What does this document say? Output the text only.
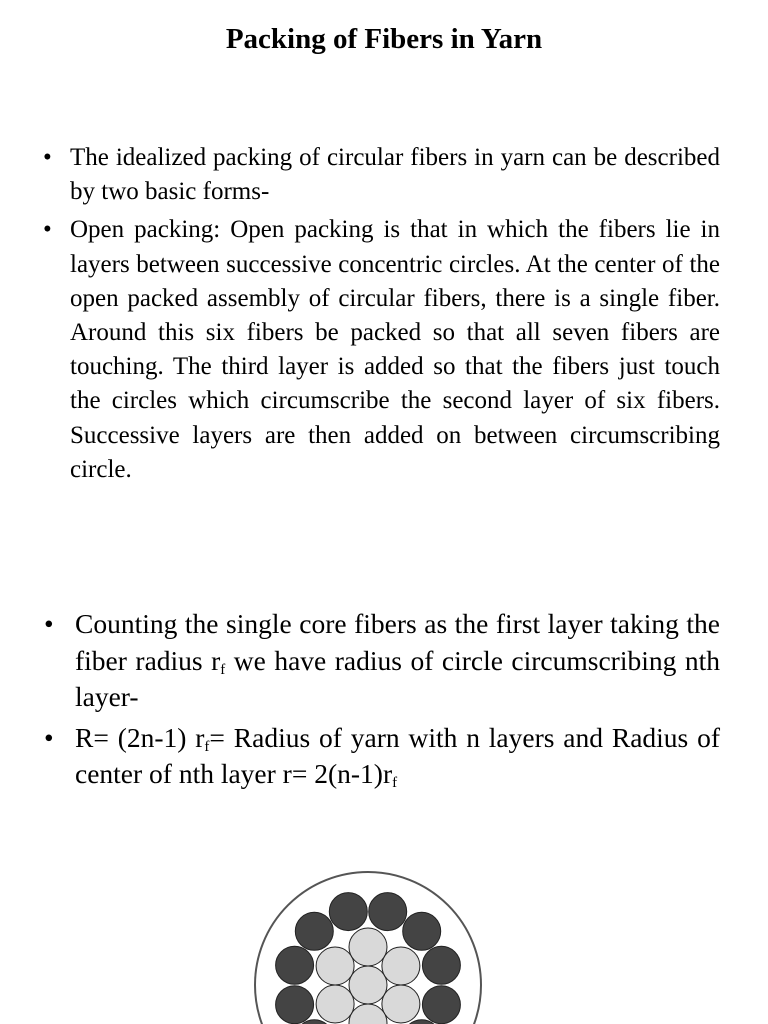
Packing of Fibers in Yarn
• The idealized packing of circular fibers in yarn can be described by two basic forms-
• Open packing: Open packing is that in which the fibers lie in layers between successive concentric circles. At the center of the open packed assembly of circular fibers, there is a single fiber. Around this six fibers be packed so that all seven fibers are touching. The third layer is added so that the fibers just touch the circles which circumscribe the second layer of six fibers. Successive layers are then added on between circumscribing circle.
• Counting the single core fibers as the first layer taking the fiber radius $r_f$ we have radius of circle circumscribing nth layer-
• R= (2n-1) $r_f=$ Radius of yarn with n layers and Radius of center of nth layer $r= 2(n-1)r_f$
